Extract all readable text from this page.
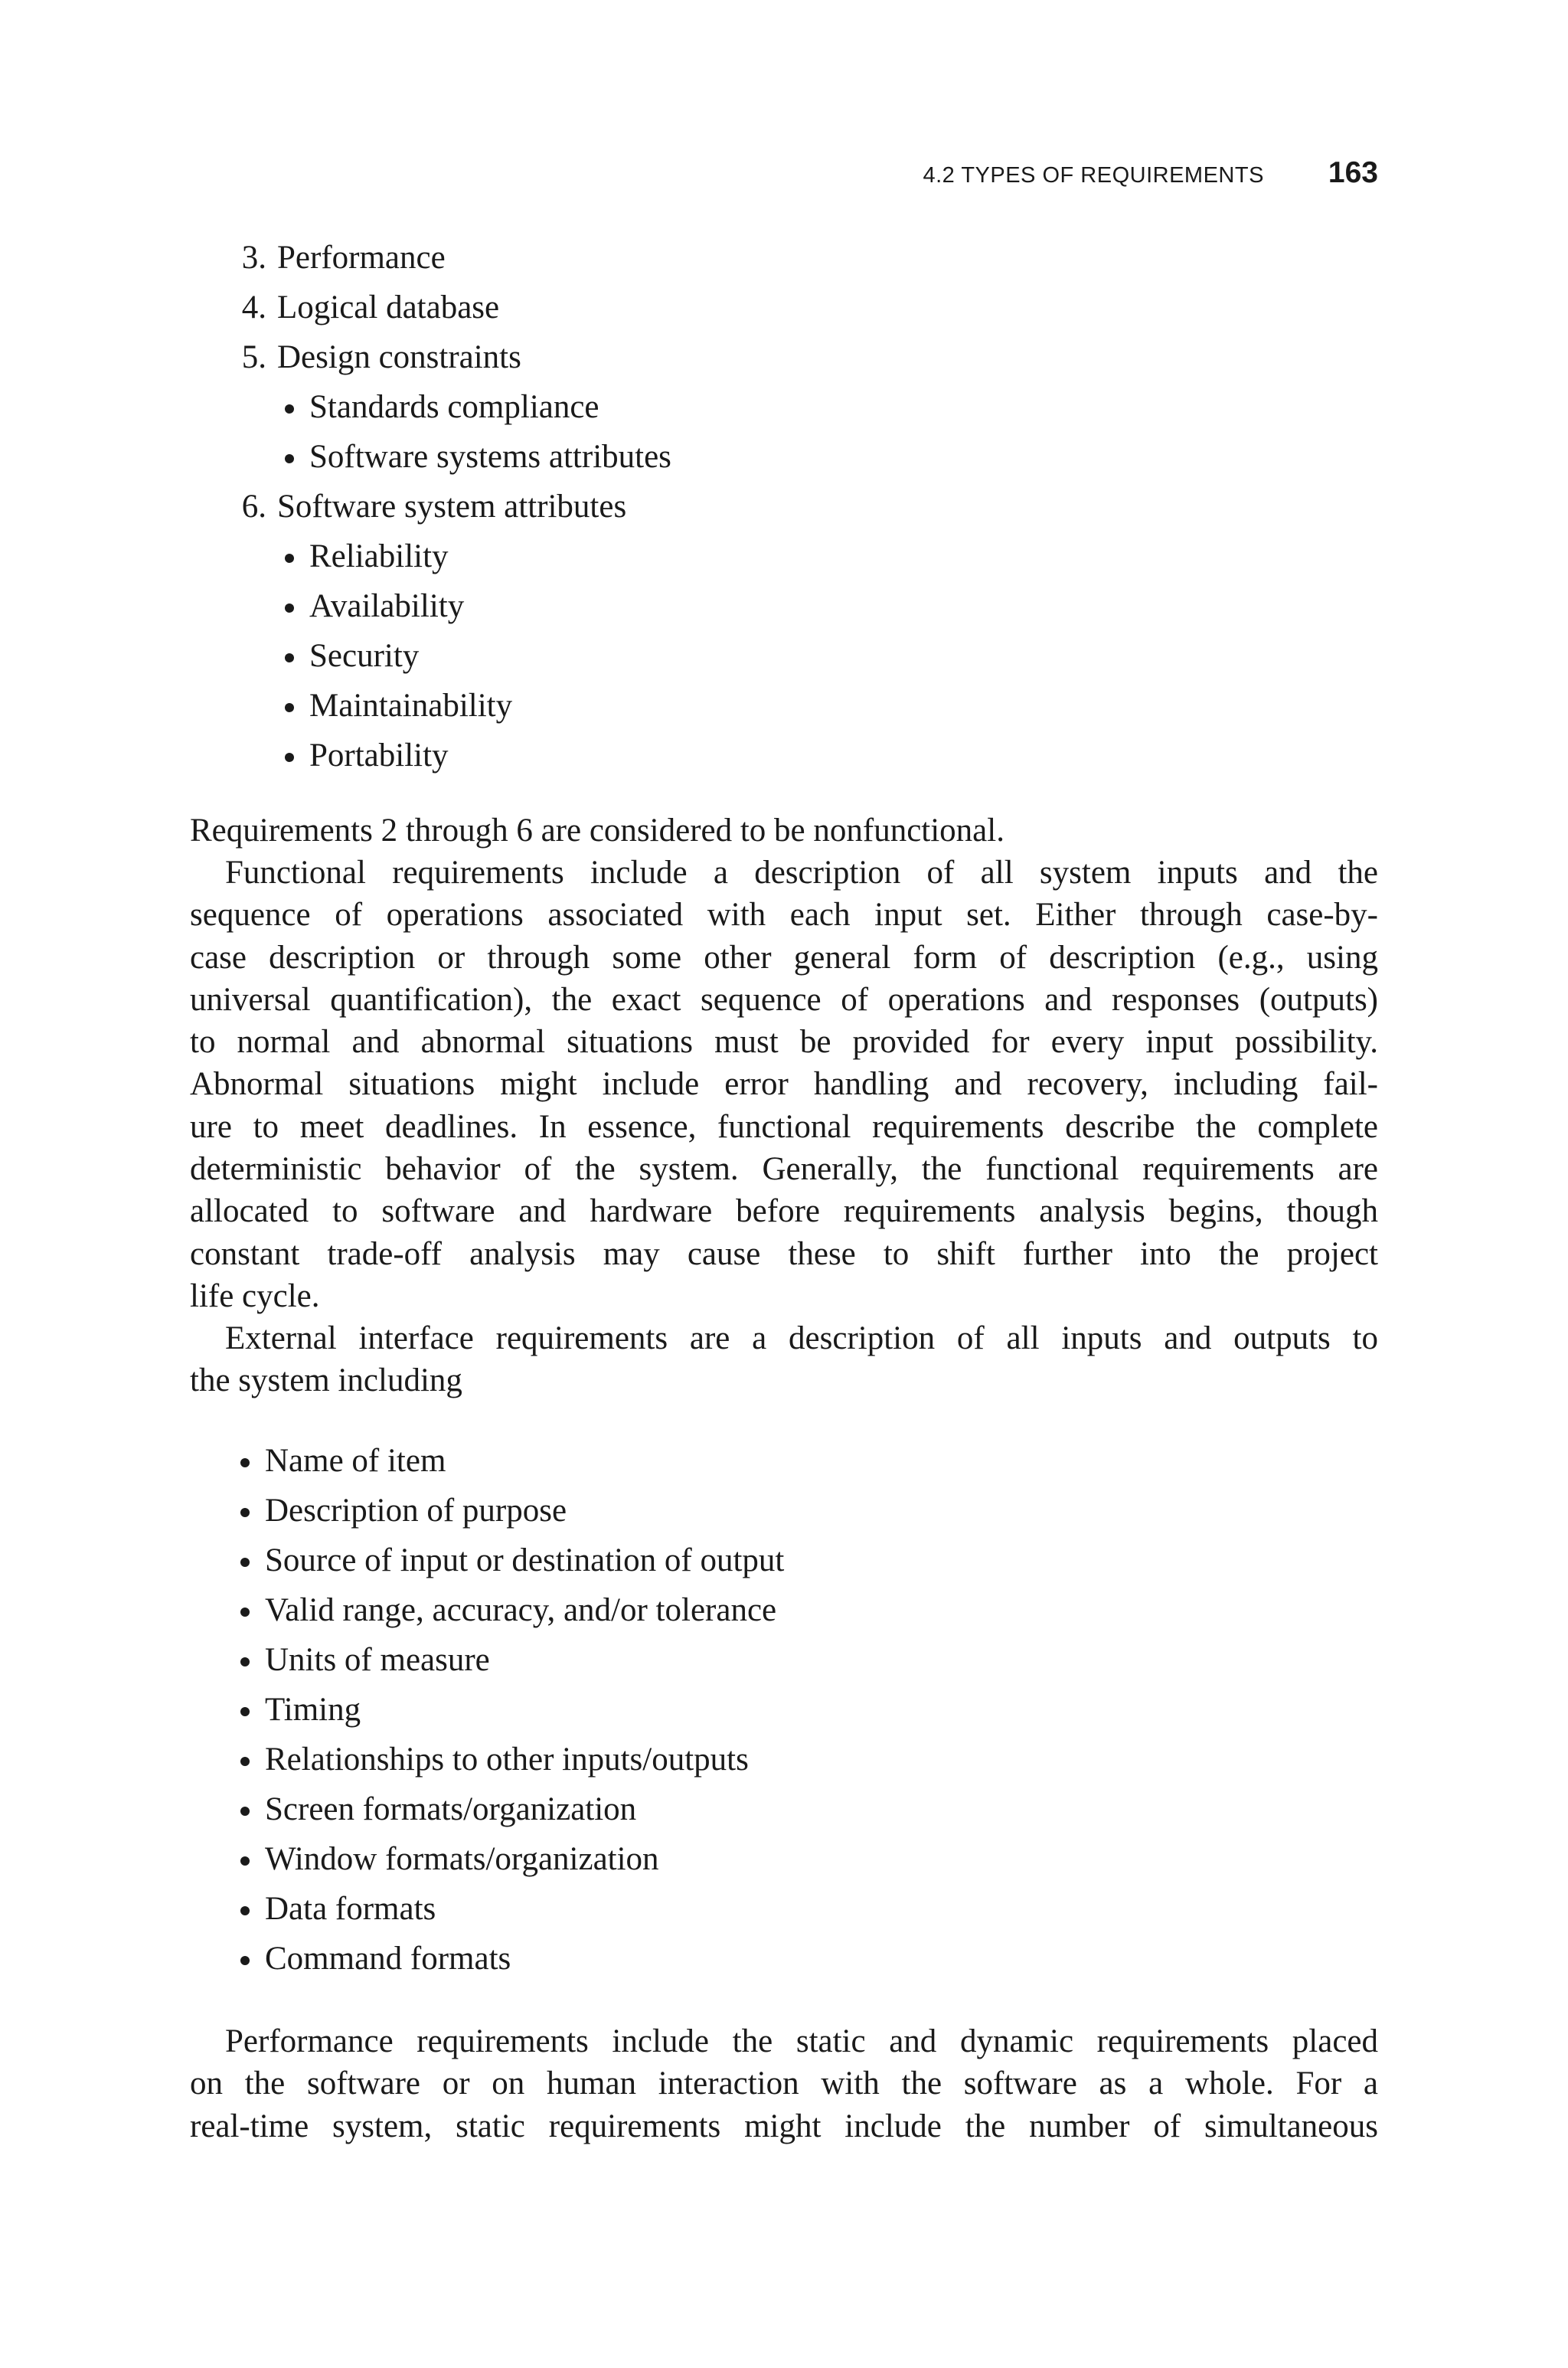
4.2 TYPES OF REQUIREMENTS 163
3. Performance
4. Logical database
5. Design constraints
Standards compliance
Software systems attributes
6. Software system attributes
Reliability
Availability
Security
Maintainability
Portability
Requirements 2 through 6 are considered to be nonfunctional.
Functional requirements include a description of all system inputs and the
sequence of operations associated with each input set. Either through case-by-
case description or through some other general form of description (e.g., using
universal quantification), the exact sequence of operations and responses (outputs)
to normal and abnormal situations must be provided for every input possibility.
Abnormal situations might include error handling and recovery, including fail-
ure to meet deadlines. In essence, functional requirements describe the complete
deterministic behavior of the system. Generally, the functional requirements are
allocated to software and hardware before requirements analysis begins, though
constant trade-off analysis may cause these to shift further into the project
life cycle.
External interface requirements are a description of all inputs and outputs to
the system including
Name of item
Description of purpose
Source of input or destination of output
Valid range, accuracy, and/or tolerance
Units of measure
Timing
Relationships to other inputs/outputs
Screen formats/organization
Window formats/organization
Data formats
Command formats
Performance requirements include the static and dynamic requirements placed
on the software or on human interaction with the software as a whole. For a
real-time system, static requirements might include the number of simultaneous
